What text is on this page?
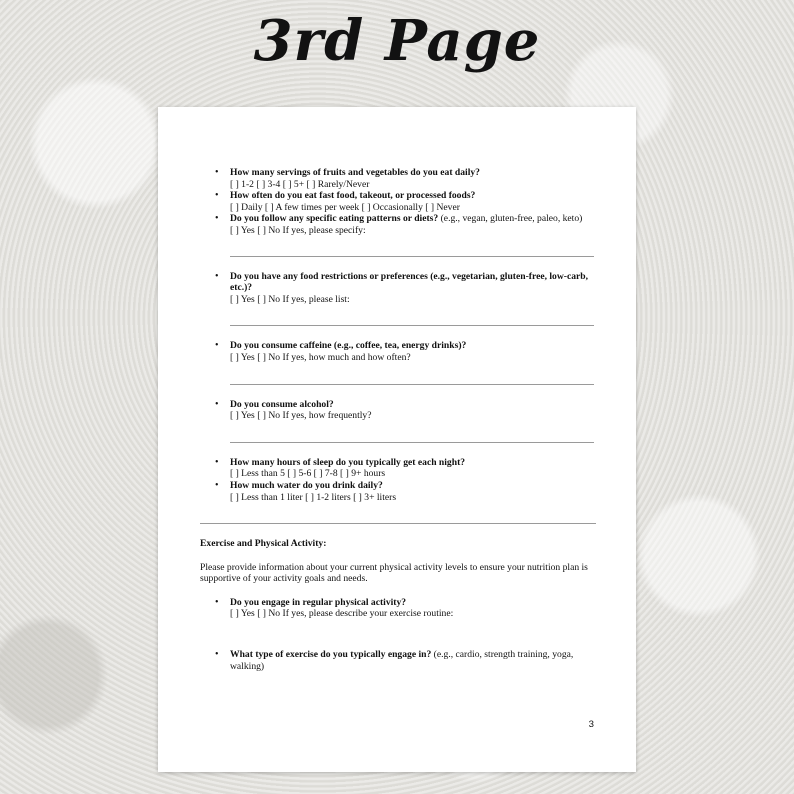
3rd Page
• How many servings of fruits and vegetables do you eat daily?
[ ] 1-2 [ ] 3-4 [ ] 5+ [ ] Rarely/Never
• How often do you eat fast food, takeout, or processed foods?
[ ] Daily [ ] A few times per week [ ] Occasionally [ ] Never
• Do you follow any specific eating patterns or diets? (e.g., vegan, gluten-free, paleo, keto)
[ ] Yes [ ] No If yes, please specify:
• Do you have any food restrictions or preferences (e.g., vegetarian, gluten-free, low-carb, etc.)?
[ ] Yes [ ] No If yes, please list:
• Do you consume caffeine (e.g., coffee, tea, energy drinks)?
[ ] Yes [ ] No If yes, how much and how often?
• Do you consume alcohol?
[ ] Yes [ ] No If yes, how frequently?
• How many hours of sleep do you typically get each night?
[ ] Less than 5 [ ] 5-6 [ ] 7-8 [ ] 9+ hours
• How much water do you drink daily?
[ ] Less than 1 liter [ ] 1-2 liters [ ] 3+ liters

Exercise and Physical Activity:

Please provide information about your current physical activity levels to ensure your nutrition plan is supportive of your activity goals and needs.

• Do you engage in regular physical activity?
[ ] Yes [ ] No If yes, please describe your exercise routine:
• What type of exercise do you typically engage in? (e.g., cardio, strength training, yoga, walking)
3
